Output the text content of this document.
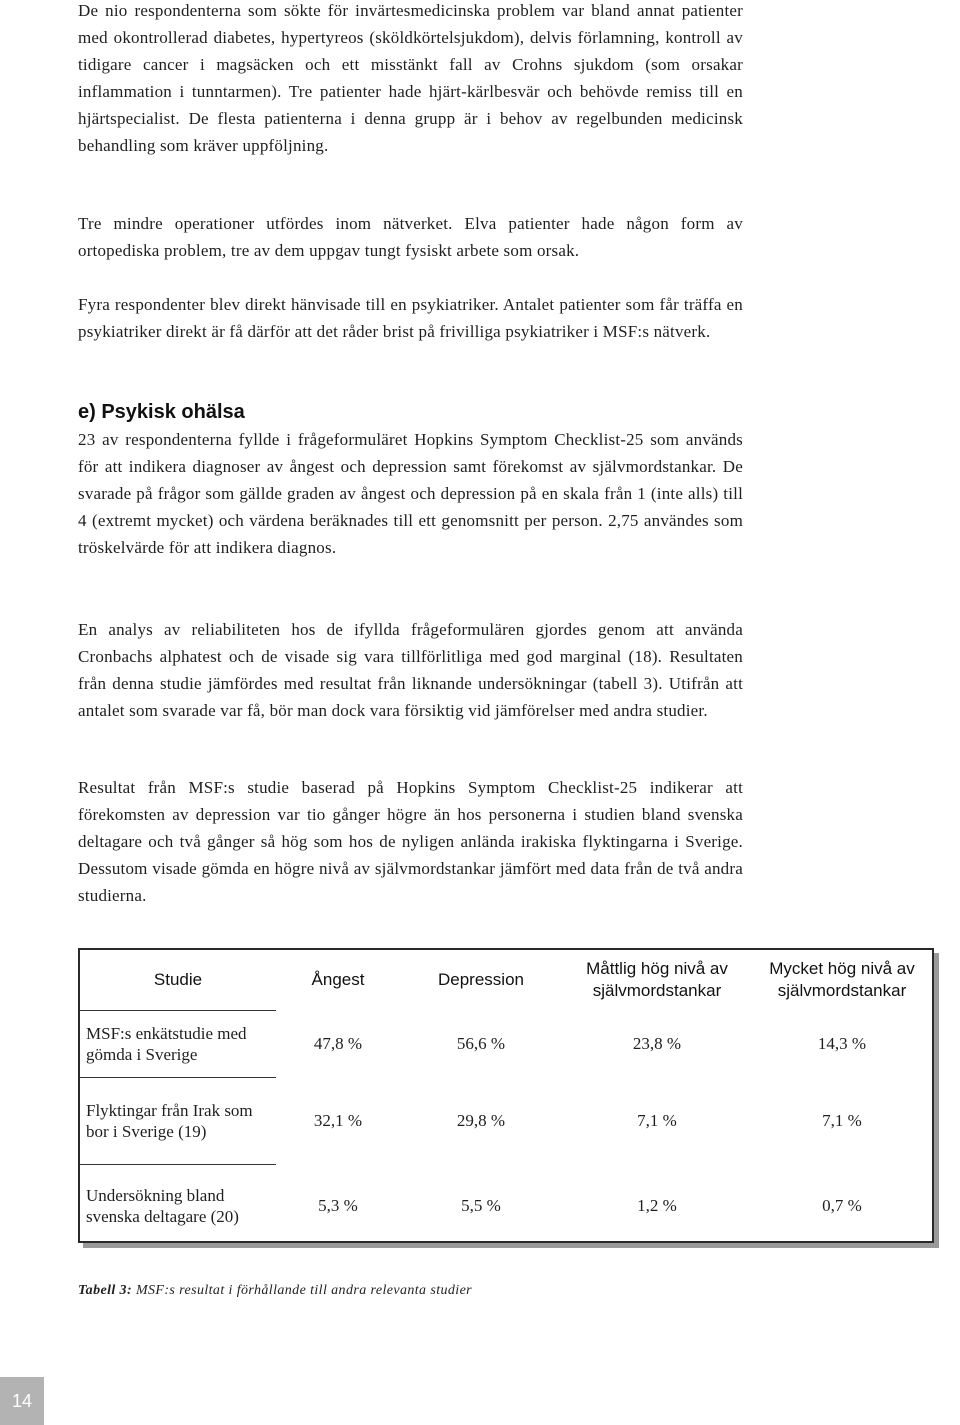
De nio respondenterna som sökte för invärtesmedicinska problem var bland annat patienter med okontrollerad diabetes, hypertyreos (sköldkörtelsjukdom), delvis förlamning, kontroll av tidigare cancer i magsäcken och ett misstänkt fall av Crohns sjukdom (som orsakar inflammation i tunntarmen). Tre patienter hade hjärt-kärlbesvär och behövde remiss till en hjärtspecialist. De flesta patienterna i denna grupp är i behov av regelbunden medicinsk behandling som kräver uppföljning.

Tre mindre operationer utfördes inom nätverket. Elva patienter hade någon form av ortopediska problem, tre av dem uppgav tungt fysiskt arbete som orsak.

Fyra respondenter blev direkt hänvisade till en psykiatriker. Antalet patienter som får träffa en psykiatriker direkt är få därför att det råder brist på frivilliga psykiatriker i MSF:s nätverk.

e) Psykisk ohälsa

23 av respondenterna fyllde i frågeformuläret Hopkins Symptom Checklist-25 som används för att indikera diagnoser av ångest och depression samt förekomst av självmordstankar. De svarade på frågor som gällde graden av ångest och depression på en skala från 1 (inte alls) till 4 (extremt mycket) och värdena beräknades till ett genomsnitt per person. 2,75 användes som tröskelvärde för att indikera diagnos.

En analys av reliabiliteten hos de ifyllda frågeformulären gjordes genom att använda Cronbachs alphatest och de visade sig vara tillförlitliga med god marginal (18). Resultaten från denna studie jämfördes med resultat från liknande undersökningar (tabell 3). Utifrån att antalet som svarade var få, bör man dock vara försiktig vid jämförelser med andra studier.

Resultat från MSF:s studie baserad på Hopkins Symptom Checklist-25 indikerar att förekomsten av depression var tio gånger högre än hos personerna i studien bland svenska deltagare och två gånger så hög som hos de nyligen anlända irakiska flyktingarna i Sverige. Dessutom visade gömda en högre nivå av självmordstankar jämfört med data från de två andra studierna.

Studie	Ångest	Depression	Måttlig hög nivå av självmordstankar	Mycket hög nivå av självmordstankar
MSF:s enkätstudie med gömda i Sverige	47,8 %	56,6 %	23,8 %	14,3 %
Flyktingar från Irak som bor i Sverige (19)	32,1 %	29,8 %	7,1 %	7,1 %
Undersökning bland svenska deltagare (20)	5,3 %	5,5 %	1,2 %	0,7 %
Tabell 3: MSF:s resultat i förhållande till andra relevanta studier
14
